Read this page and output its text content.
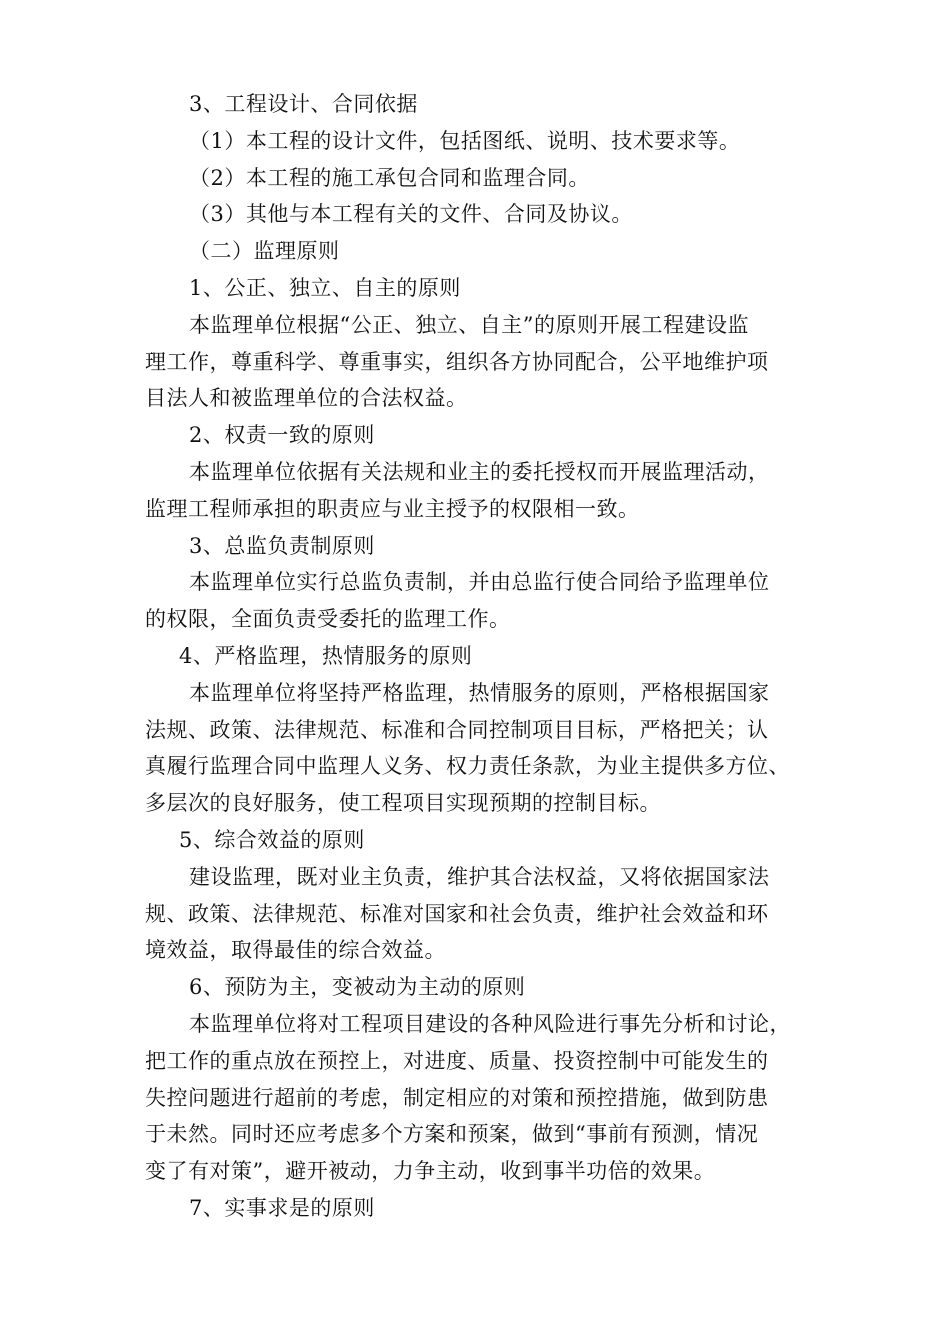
3、工程设计、合同依据
（1）本工程的设计文件，包括图纸、说明、技术要求等。
（2）本工程的施工承包合同和监理合同。
（3）其他与本工程有关的文件、合同及协议。
（二）监理原则
1、公正、独立、自主的原则
本监理单位根据“公正、独立、自主”的原则开展工程建设监
理工作，尊重科学、尊重事实，组织各方协同配合，公平地维护项
目法人和被监理单位的合法权益。
2、权责一致的原则
本监理单位依据有关法规和业主的委托授权而开展监理活动，
监理工程师承担的职责应与业主授予的权限相一致。
3、总监负责制原则
本监理单位实行总监负责制，并由总监行使合同给予监理单位
的权限，全面负责受委托的监理工作。
4、严格监理，热情服务的原则
本监理单位将坚持严格监理，热情服务的原则，严格根据国家
法规、政策、法律规范、标准和合同控制项目目标，严格把关；认
真履行监理合同中监理人义务、权力责任条款，为业主提供多方位、
多层次的良好服务，使工程项目实现预期的控制目标。
5、综合效益的原则
建设监理，既对业主负责，维护其合法权益，又将依据国家法
规、政策、法律规范、标准对国家和社会负责，维护社会效益和环
境效益，取得最佳的综合效益。
6、预防为主，变被动为主动的原则
本监理单位将对工程项目建设的各种风险进行事先分析和讨论，
把工作的重点放在预控上，对进度、质量、投资控制中可能发生的
失控问题进行超前的考虑，制定相应的对策和预控措施，做到防患
于未然。同时还应考虑多个方案和预案，做到“事前有预测，情况
变了有对策”，避开被动，力争主动，收到事半功倍的效果。
7、实事求是的原则
